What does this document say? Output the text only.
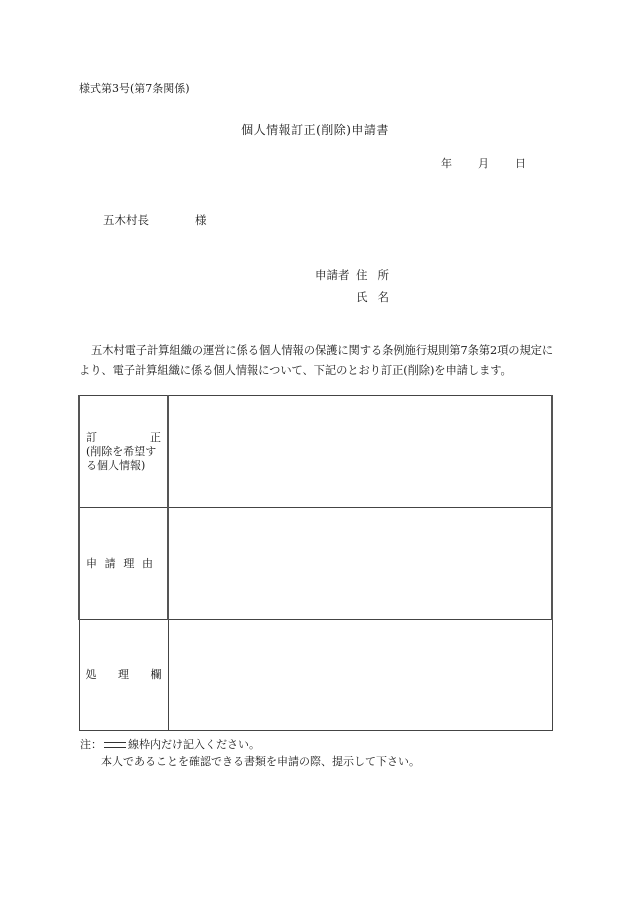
様式第3号(第7条関係)
個人情報訂正(削除)申請書
年 月 日
五木村長	様
申請者 住所
氏名
五木村電子計算組織の運営に係る個人情報の保護に関する条例施行規則第7条第2項の規定により、電子計算組織に係る個人情報について、下記のとおり訂正(削除)を申請します。
訂 正
(削除を希望す
る個人情報)	

申 請 理 由	

処 理 欄	

注： 線枠内だけ記入ください。
本人であることを確認できる書類を申請の際、提示して下さい。
